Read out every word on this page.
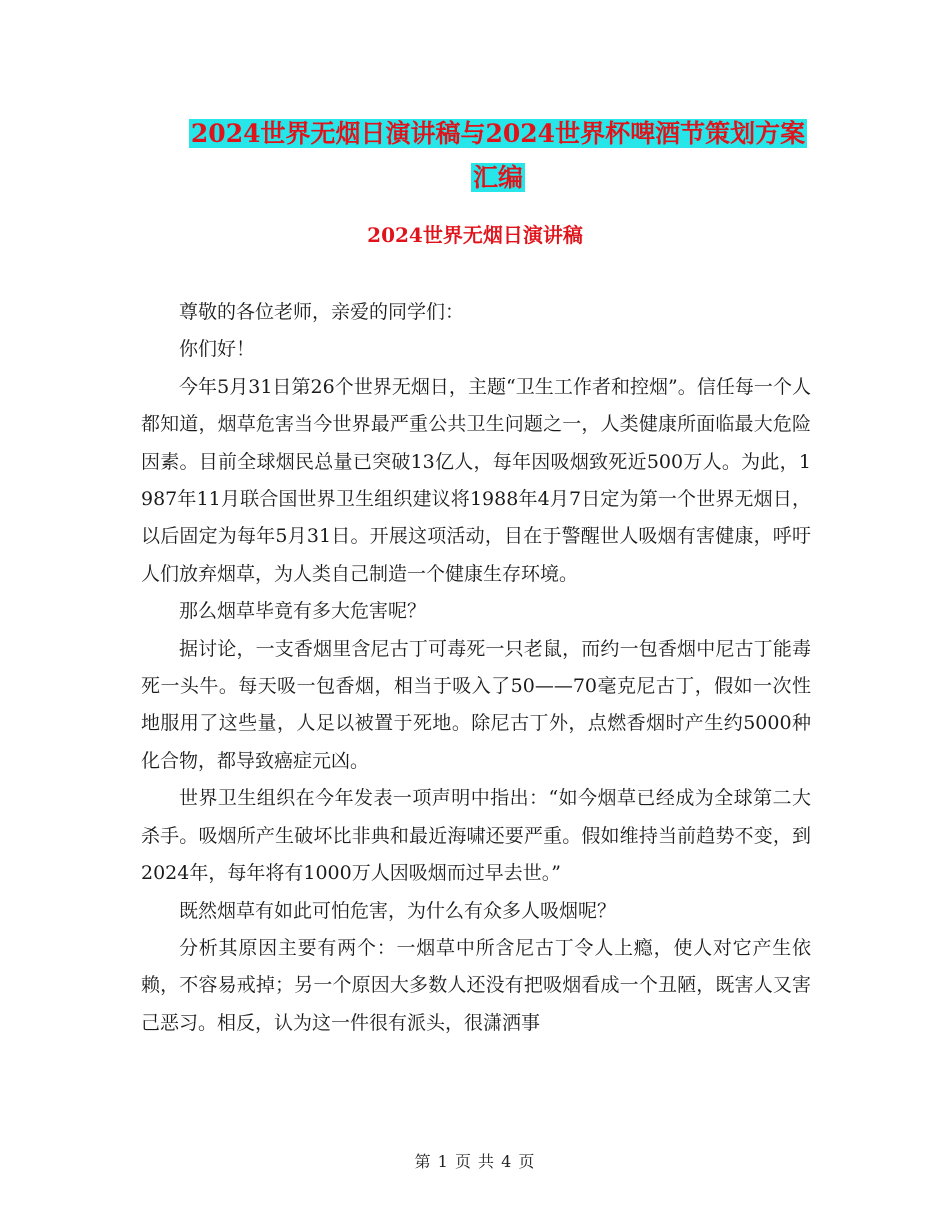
2024世界无烟日演讲稿与2024世界杯啤酒节策划方案
汇编
2024世界无烟日演讲稿

尊敬的各位老师，亲爱的同学们：

你们好！

今年5月31日第26个世界无烟日，主题“卫生工作者和控烟”。信任每一个人都知道，烟草危害当今世界最严重公共卫生问题之一，人类健康所面临最大危险因素。目前全球烟民总量已突破13亿人，每年因吸烟致死近500万人。为此，1987年11月联合国世界卫生组织建议将1988年4月7日定为第一个世界无烟日，以后固定为每年5月31日。开展这项活动，目在于警醒世人吸烟有害健康，呼吁人们放弃烟草，为人类自己制造一个健康生存环境。

那么烟草毕竟有多大危害呢？

据讨论，一支香烟里含尼古丁可毒死一只老鼠，而约一包香烟中尼古丁能毒死一头牛。每天吸一包香烟，相当于吸入了50——70毫克尼古丁，假如一次性地服用了这些量，人足以被置于死地。除尼古丁外，点燃香烟时产生约5000种化合物，都导致癌症元凶。

世界卫生组织在今年发表一项声明中指出：“如今烟草已经成为全球第二大杀手。吸烟所产生破坏比非典和最近海啸还要严重。假如维持当前趋势不变，到2024年，每年将有1000万人因吸烟而过早去世。”

既然烟草有如此可怕危害，为什么有众多人吸烟呢？

分析其原因主要有两个：一烟草中所含尼古丁令人上瘾，使人对它产生依赖，不容易戒掉；另一个原因大多数人还没有把吸烟看成一个丑陋，既害人又害己恶习。相反，认为这一件很有派头，很潇洒事

第 1 页 共 4 页
